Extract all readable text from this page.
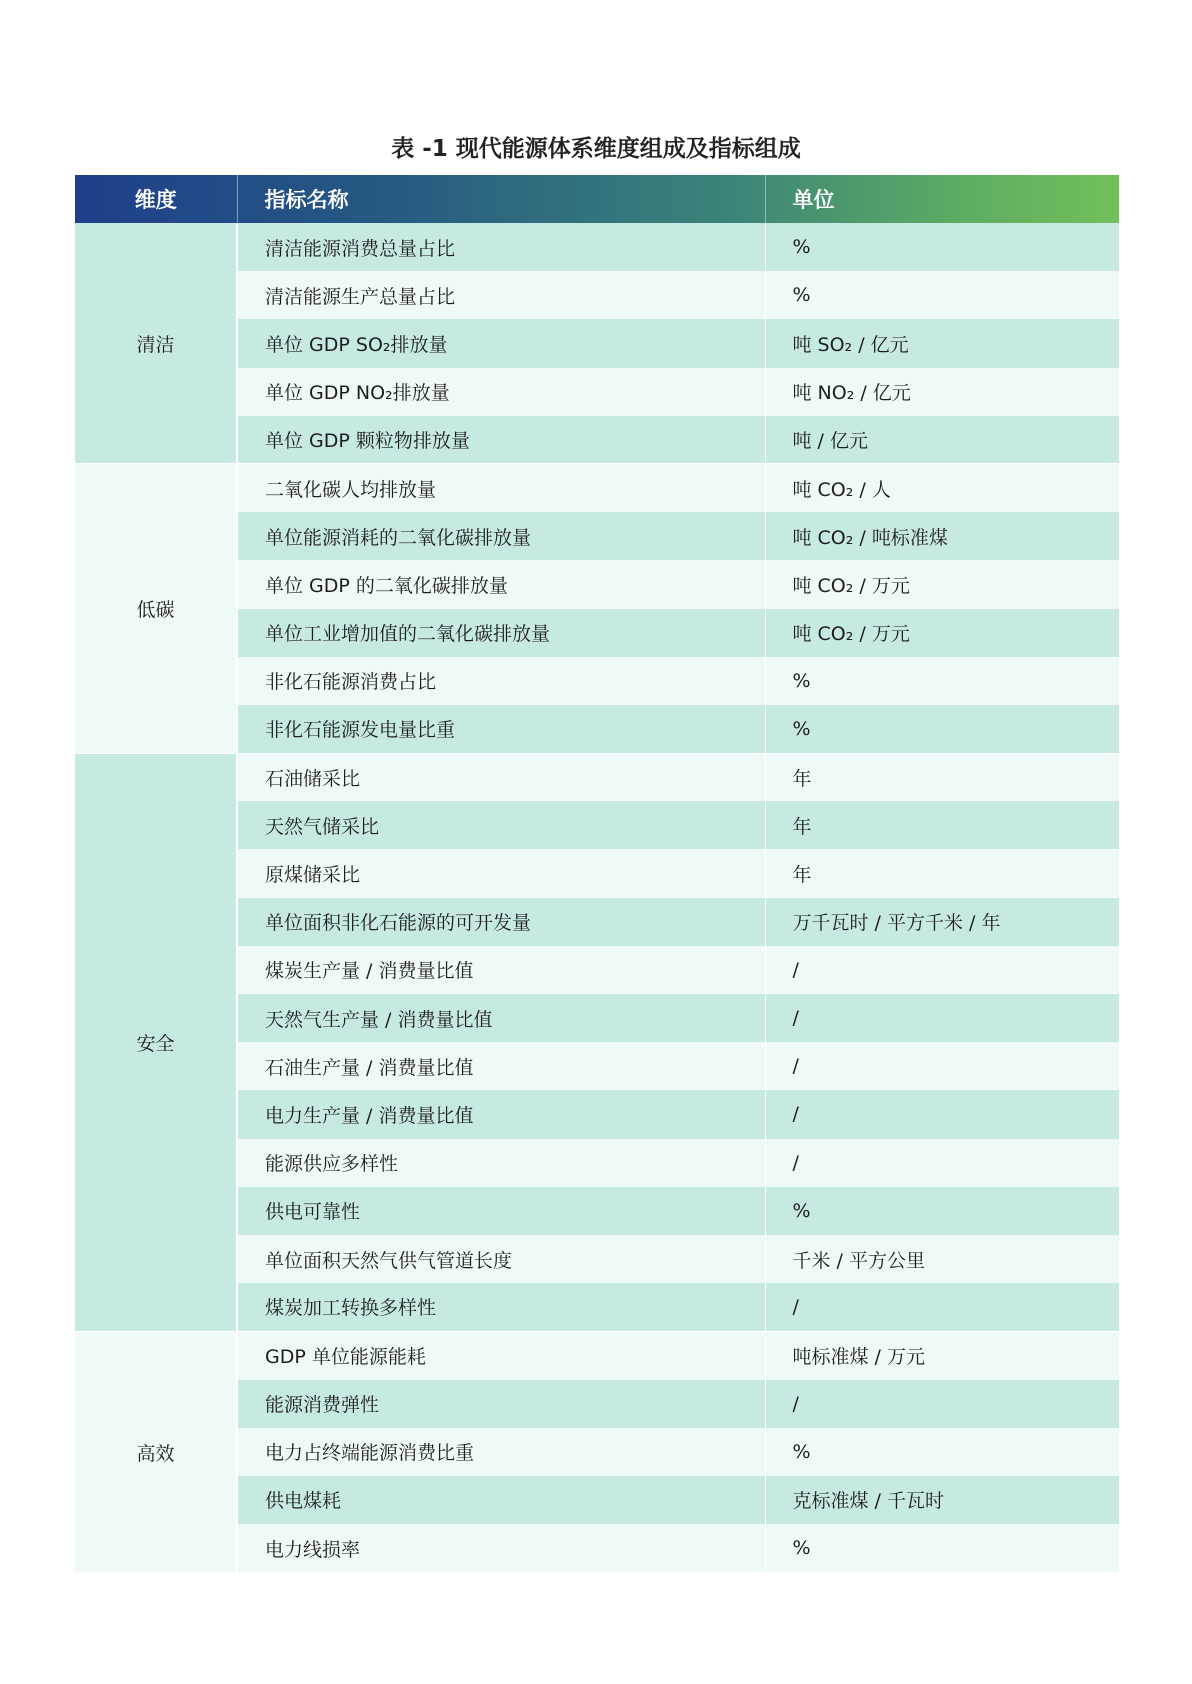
表 -1 现代能源体系维度组成及指标组成
维度	指标名称	单位
清洁	清洁能源消费总量占比	%
	清洁能源生产总量占比	%
	单位 GDP SO₂排放量	吨 SO₂ / 亿元
	单位 GDP NO₂排放量	吨 NO₂ / 亿元
	单位 GDP 颗粒物排放量	吨 / 亿元
低碳	二氧化碳人均排放量	吨 CO₂ / 人
	单位能源消耗的二氧化碳排放量	吨 CO₂ / 吨标准煤
	单位 GDP 的二氧化碳排放量	吨 CO₂ / 万元
	单位工业增加值的二氧化碳排放量	吨 CO₂ / 万元
	非化石能源消费占比	%
	非化石能源发电量比重	%
安全	石油储采比	年
	天然气储采比	年
	原煤储采比	年
	单位面积非化石能源的可开发量	万千瓦时 / 平方千米 / 年
	煤炭生产量 / 消费量比值	/
	天然气生产量 / 消费量比值	/
	石油生产量 / 消费量比值	/
	电力生产量 / 消费量比值	/
	能源供应多样性	/
	供电可靠性	%
	单位面积天然气供气管道长度	千米 / 平方公里
	煤炭加工转换多样性	/
高效	GDP 单位能源能耗	吨标准煤 / 万元
	能源消费弹性	/
	电力占终端能源消费比重	%
	供电煤耗	克标准煤 / 千瓦时
	电力线损率	%
